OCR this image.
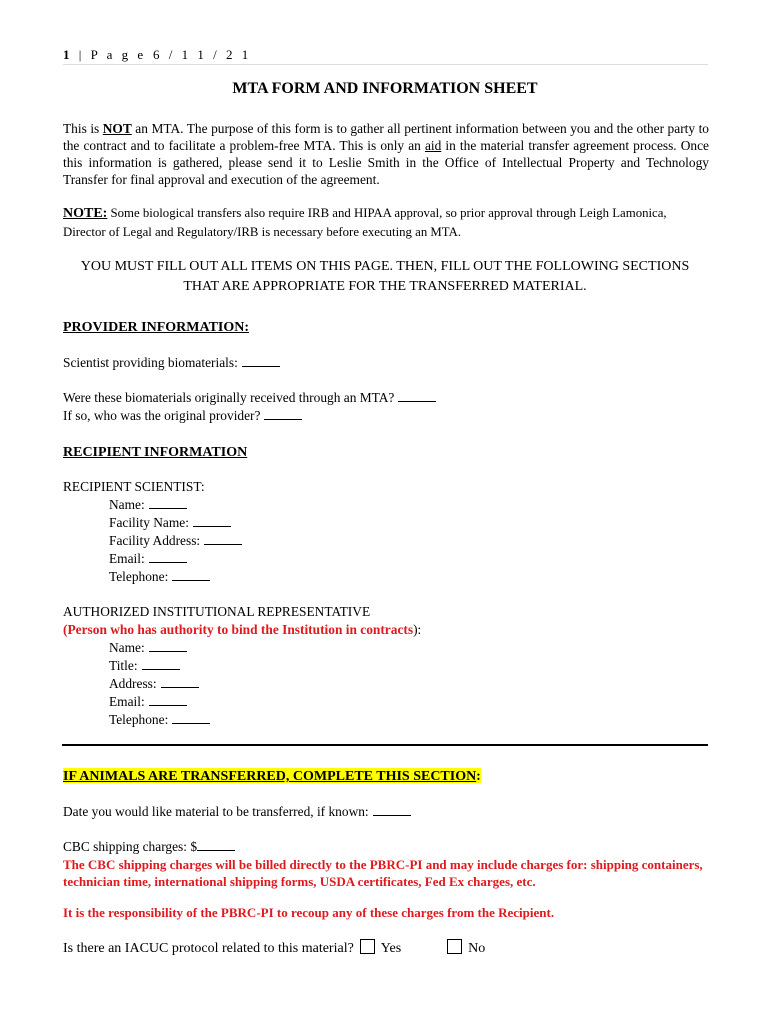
1 | P a g e 6 / 1 1 / 2 1
MTA FORM AND INFORMATION SHEET
This is NOT an MTA. The purpose of this form is to gather all pertinent information between you and the other party to the contract and to facilitate a problem-free MTA. This is only an aid in the material transfer agreement process. Once this information is gathered, please send it to Leslie Smith in the Office of Intellectual Property and Technology Transfer for final approval and execution of the agreement.
NOTE: Some biological transfers also require IRB and HIPAA approval, so prior approval through Leigh Lamonica, Director of Legal and Regulatory/IRB is necessary before executing an MTA.
YOU MUST FILL OUT ALL ITEMS ON THIS PAGE. THEN, FILL OUT THE FOLLOWING SECTIONS THAT ARE APPROPRIATE FOR THE TRANSFERRED MATERIAL.
PROVIDER INFORMATION:
Scientist providing biomaterials:
Were these biomaterials originally received through an MTA?
If so, who was the original provider?
RECIPIENT INFORMATION
RECIPIENT SCIENTIST:
Name:
Facility Name:
Facility Address:
Email:
Telephone:
AUTHORIZED INSTITUTIONAL REPRESENTATIVE
(Person who has authority to bind the Institution in contracts):
Name:
Title:
Address:
Email:
Telephone:
IF ANIMALS ARE TRANSFERRED, COMPLETE THIS SECTION:
Date you would like material to be transferred, if known:
CBC shipping charges: $
The CBC shipping charges will be billed directly to the PBRC-PI and may include charges for: shipping containers, technician time, international shipping forms, USDA certificates, Fed Ex charges, etc.
It is the responsibility of the PBRC-PI to recoup any of these charges from the Recipient.
Is there an IACUC protocol related to this material? Yes	No
